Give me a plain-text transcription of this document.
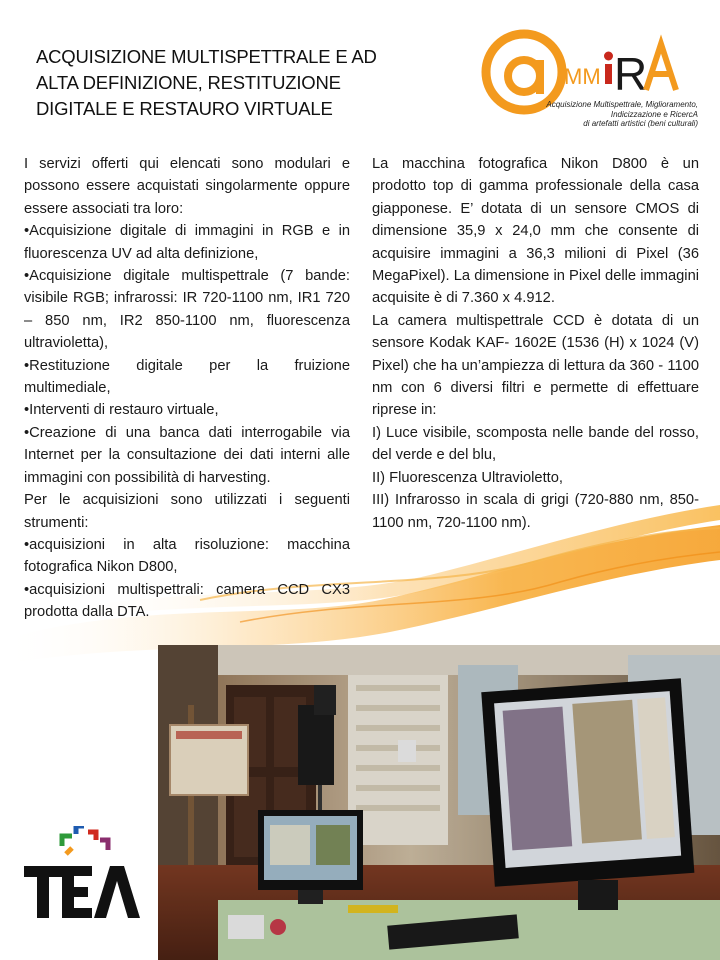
ACQUISIZIONE MULTISPETTRALE E AD
ALTA DEFINIZIONE, RESTITUZIONE
DIGITALE E RESTAURO VIRTUALE
MM R
Acquisizione Multispettrale, Miglioramento,
Indicizzazione e RicercA
di artefatti artistici (beni culturali)

I servizi offerti qui elencati sono modulari e possono essere acquistati singolarmente oppure essere associati tra loro:

•Acquisizione digitale di immagini in RGB e in fluorescenza UV ad alta definizione,

•Acquisizione digitale multispettrale (7 bande: visibile RGB; infrarossi: IR 720-1100 nm, IR1 720 – 850 nm, IR2 850-1100 nm, fluorescenza ultravioletta),

•Restituzione digitale per la fruizione multimediale,

•Interventi di restauro virtuale,

•Creazione di una banca dati interrogabile via Internet per la consultazione dei dati interni alle immagini con possibilità di harvesting.

Per le acquisizioni sono utilizzati i seguenti strumenti:

•acquisizioni in alta risoluzione: macchina fotografica Nikon D800,

•acquisizioni multispettrali: camera CCD CX3 prodotta dalla DTA.

La macchina fotografica Nikon D800 è un prodotto top di gamma professionale della casa giapponese. E’ dotata di un sensore CMOS di dimensione 35,9 x 24,0 mm che consente di acquisire immagini a 36,3 milioni di Pixel (36 MegaPixel). La dimensione in Pixel delle immagini acquisite è di 7.360 x 4.912.

La camera multispettrale CCD è dotata di un sensore Kodak KAF- 1602E (1536 (H) x 1024 (V) Pixel) che ha un’ampiezza di lettura da 360 - 1100 nm con 6 diversi filtri e permette di effettuare riprese in:

I) Luce visibile, scomposta nelle bande del rosso, del verde e del blu,

II) Fluorescenza Ultravioletto,

III) Infrarosso in scala di grigi (720-880 nm, 850-1100 nm, 720-1100 nm).
